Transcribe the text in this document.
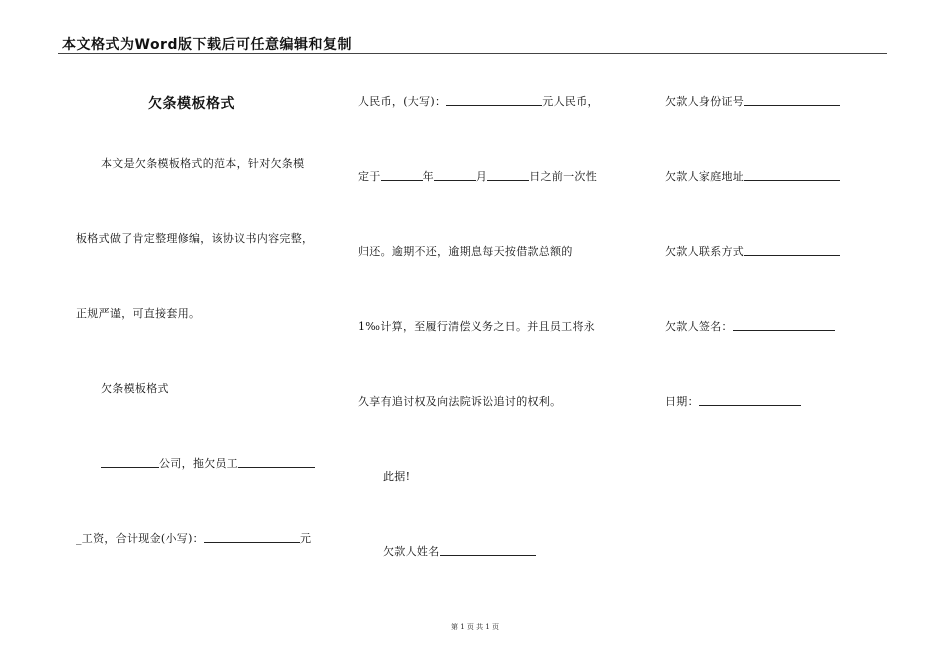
本文格式为Word版下载后可任意编辑和复制
欠条模板格式
本文是欠条模板格式的范本，针对欠条模
板格式做了肯定整理修编，该协议书内容完整，
正规严谨，可直接套用。
欠条模板格式
公司，拖欠员工
_工资，合计现金(小写)：	元
人民币，(大写)：	元人民币，
定于	年	月	日之前一次性
归还。逾期不还，逾期息每天按借款总额的
1‰计算，至履行清偿义务之日。并且员工将永
久享有追讨权及向法院诉讼追讨的权利。
此据!
欠款人姓名
欠款人身份证号
欠款人家庭地址
欠款人联系方式
欠款人签名：
日期：
第 1 页 共 1 页
